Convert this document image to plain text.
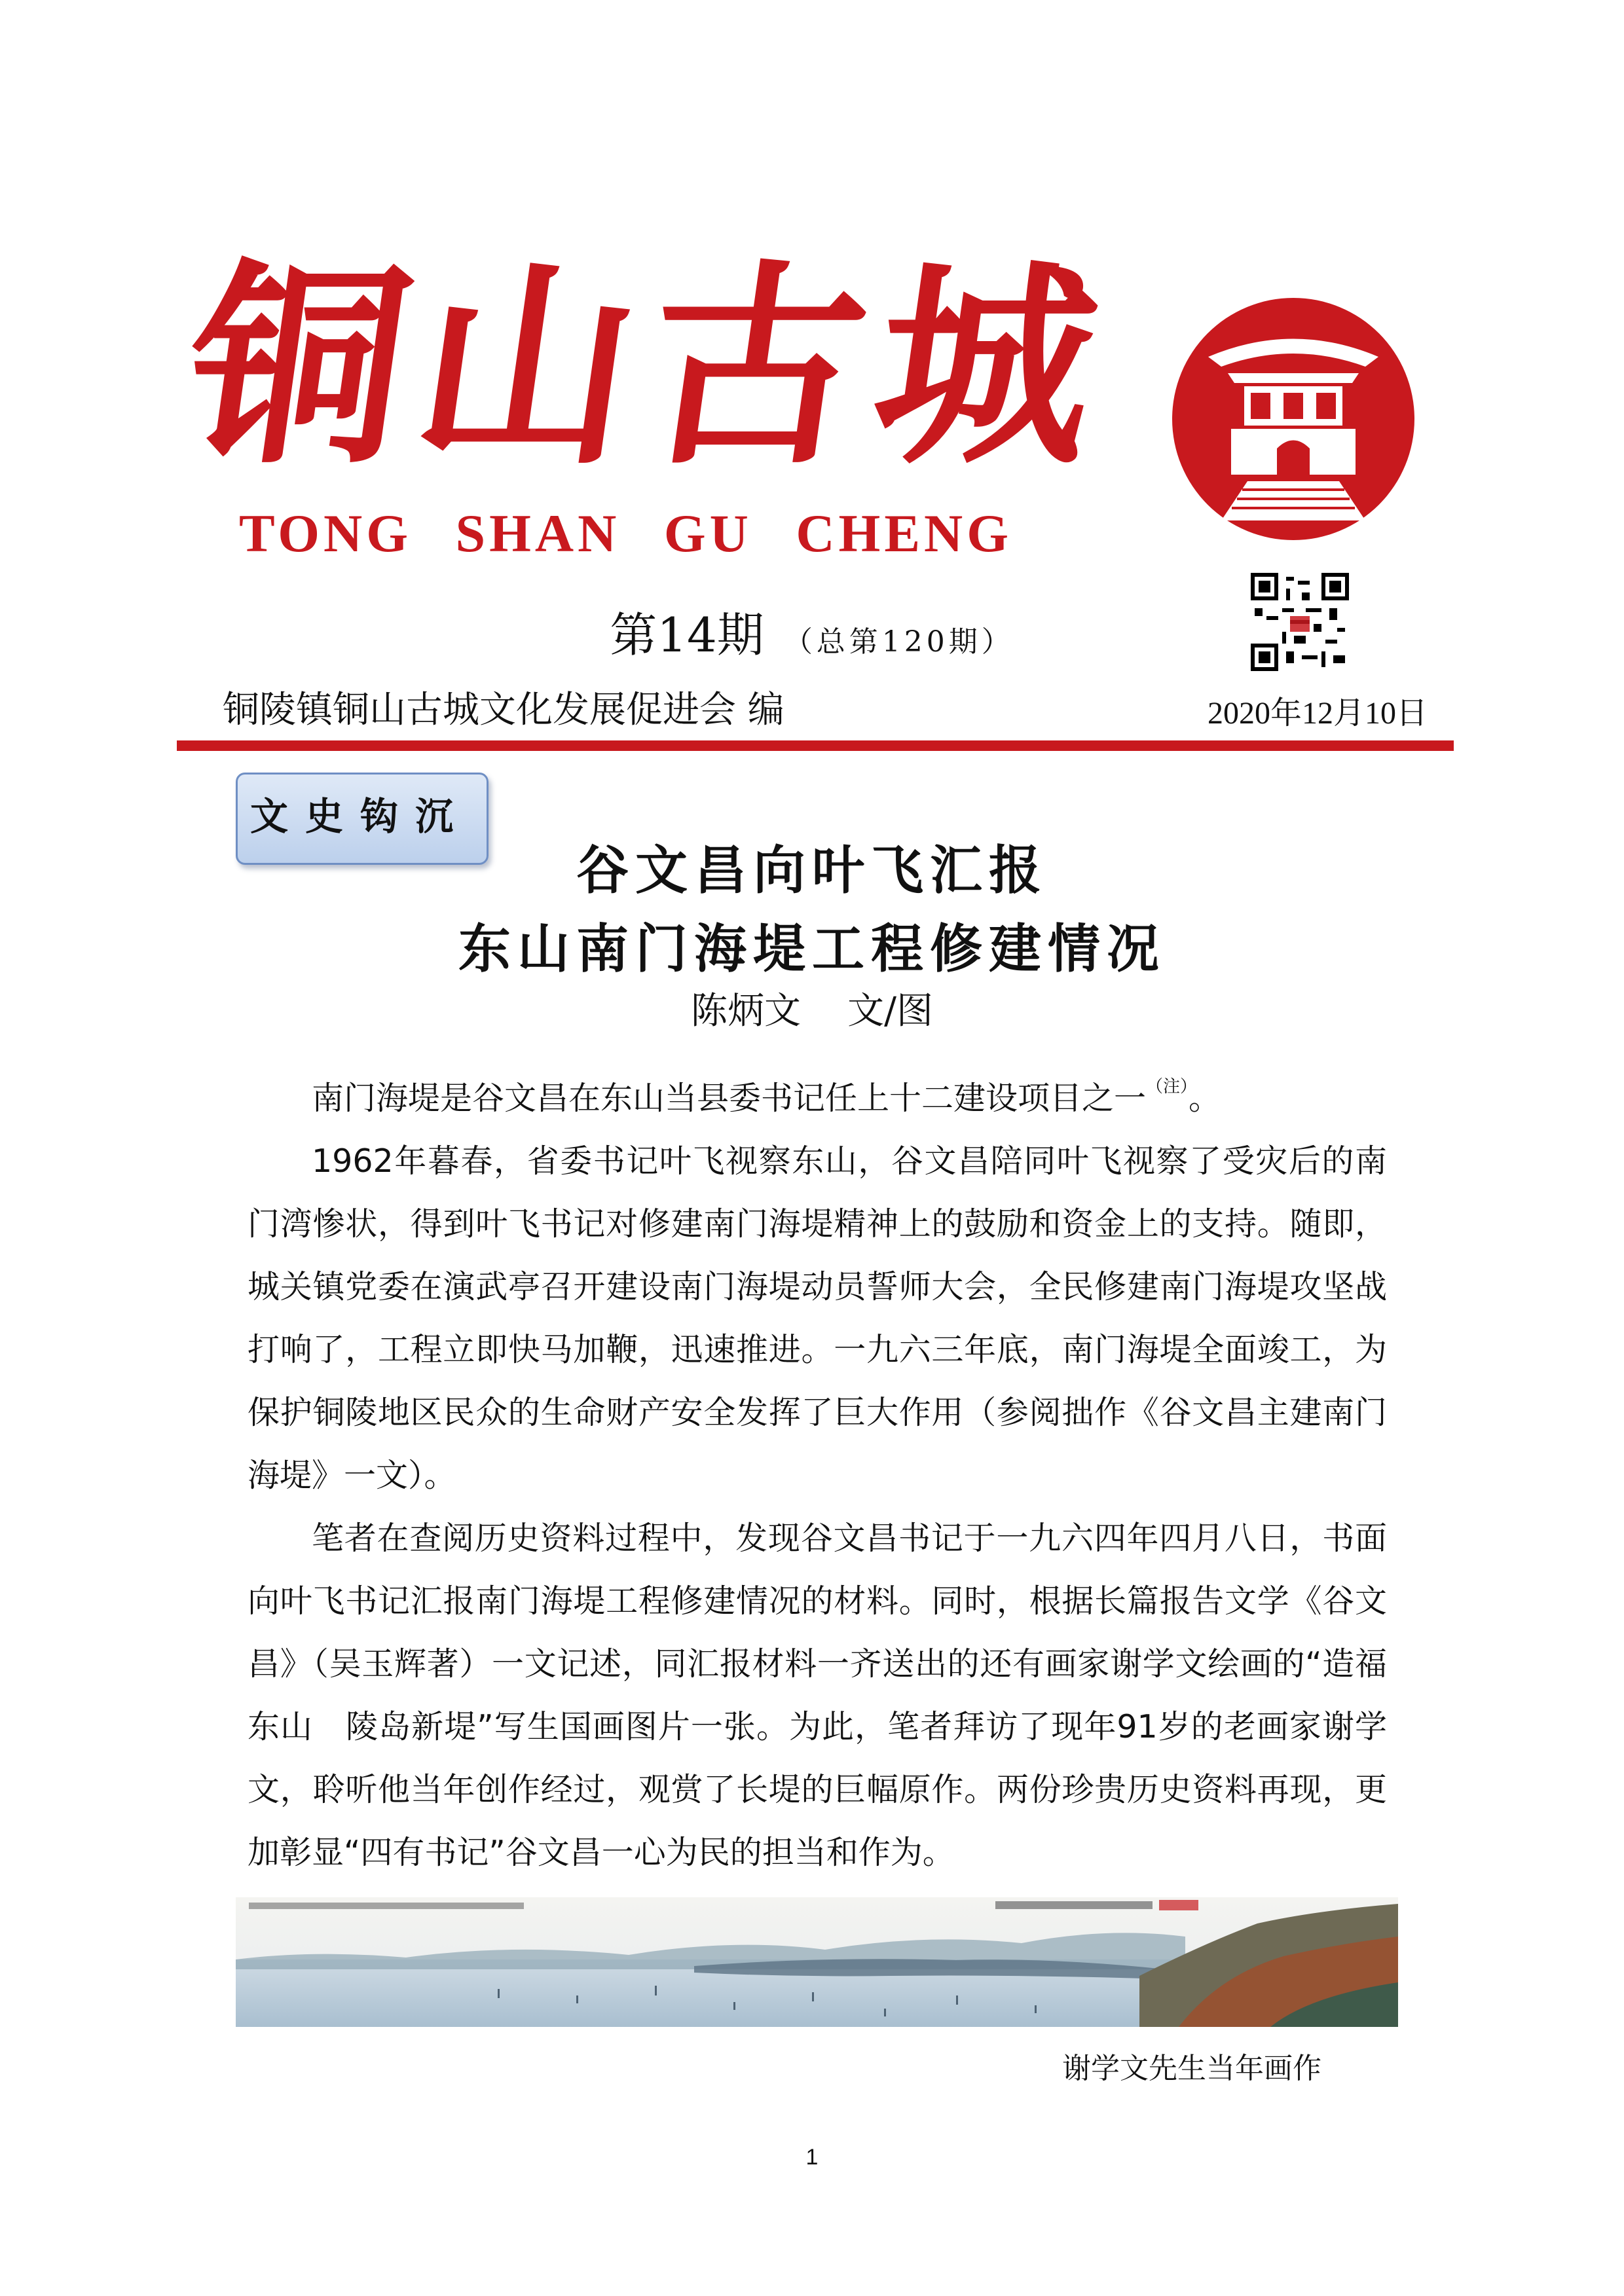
铜山古城
TONG SHAN GU CHENG
第14期 （总第120期）
铜陵镇铜山古城文化发展促进会 编	2020年12月10日
文史钩沉
谷文昌向叶飞汇报
东山南门海堤工程修建情况
陈炳文    文/图

南门海堤是谷文昌在东山当县委书记任上十二建设项目之一$^{(注)}$。

1962年暮春，省委书记叶飞视察东山，谷文昌陪同叶飞视察了受灾后的南门湾惨状，得到叶飞书记对修建南门海堤精神上的鼓励和资金上的支持。随即，城关镇党委在演武亭召开建设南门海堤动员誓师大会，全民修建南门海堤攻坚战打响了，工程立即快马加鞭，迅速推进。一九六三年底，南门海堤全面竣工，为保护铜陵地区民众的生命财产安全发挥了巨大作用（参阅拙作《谷文昌主建南门海堤》一文）。

笔者在查阅历史资料过程中，发现谷文昌书记于一九六四年四月八日，书面向叶飞书记汇报南门海堤工程修建情况的材料。同时，根据长篇报告文学《谷文昌》（吴玉辉著）一文记述，同汇报材料一齐送出的还有画家谢学文绘画的“造福东山　陵岛新堤”写生国画图片一张。为此，笔者拜访了现年91岁的老画家谢学文，聆听他当年创作经过，观赏了长堤的巨幅原作。两份珍贵历史资料再现，更加彰显“四有书记”谷文昌一心为民的担当和作为。

谢学文先生当年画作
1
